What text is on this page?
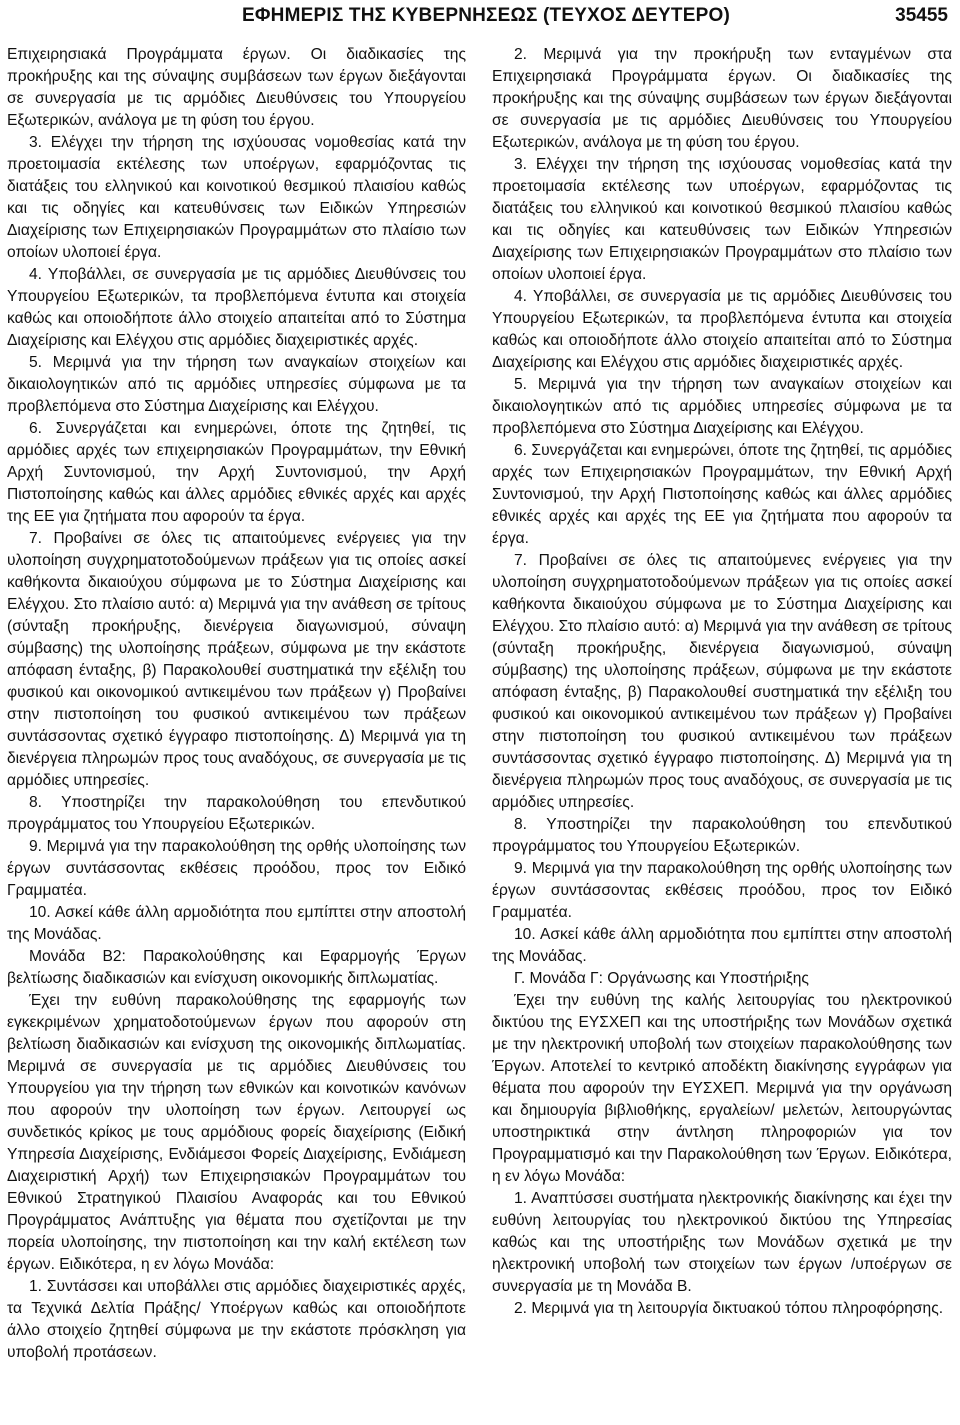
ΕΦΗΜΕΡΙΣ ΤΗΣ ΚΥΒΕΡΝΗΣΕΩΣ (ΤΕΥΧΟΣ ΔΕΥΤΕΡΟ)	35455

Επιχειρησιακά Προγράμματα έργων. Οι διαδικασίες της προκήρυξης και της σύναψης συμβάσεων των έργων διεξάγονται σε συνεργασία με τις αρμόδιες Διευθύνσεις του Υπουργείου Εξωτερικών, ανάλογα με τη φύση του έργου.

3. Ελέγχει την τήρηση της ισχύουσας νομοθεσίας κατά την προετοιμασία εκτέλεσης των υποέργων, εφαρμόζοντας τις διατάξεις του ελληνικού και κοινοτικού θεσμικού πλαισίου καθώς και τις οδηγίες και κατευθύνσεις των Ειδικών Υπηρεσιών Διαχείρισης των Επιχειρησιακών Προγραμμάτων στο πλαίσιο των οποίων υλοποιεί έργα.

4. Υποβάλλει, σε συνεργασία με τις αρμόδιες Διευθύνσεις του Υπουργείου Εξωτερικών, τα προβλεπόμενα έντυπα και στοιχεία καθώς και οποιοδήποτε άλλο στοιχείο απαιτείται από το Σύστημα Διαχείρισης και Ελέγχου στις αρμόδιες διαχειριστικές αρχές.

5. Μεριμνά για την τήρηση των αναγκαίων στοιχείων και δικαιολογητικών από τις αρμόδιες υπηρεσίες σύμφωνα με τα προβλεπόμενα στο Σύστημα Διαχείρισης και Ελέγχου.

6. Συνεργάζεται και ενημερώνει, όποτε της ζητηθεί, τις αρμόδιες αρχές των επιχειρησιακών Προγραμμάτων, την Εθνική Αρχή Συντονισμού, την Αρχή Συντονισμού, την Αρχή Πιστοποίησης καθώς και άλλες αρμόδιες εθνικές αρχές και αρχές της ΕΕ για ζητήματα που αφορούν τα έργα.

7. Προβαίνει σε όλες τις απαιτούμενες ενέργειες για την υλοποίηση συγχρηματοτοδούμενων πράξεων για τις οποίες ασκεί καθήκοντα δικαιούχου σύμφωνα με το Σύστημα Διαχείρισης και Ελέγχου. Στο πλαίσιο αυτό: α) Μεριμνά για την ανάθεση σε τρίτους (σύνταξη προκήρυξης, διενέργεια διαγωνισμού, σύναψη σύμβασης) της υλοποίησης πράξεων, σύμφωνα με την εκάστοτε απόφαση ένταξης, β) Παρακολουθεί συστηματικά την εξέλιξη του φυσικού και οικονομικού αντικειμένου των πράξεων γ) Προβαίνει στην πιστοποίηση του φυσικού αντικειμένου των πράξεων συντάσσοντας σχετικό έγγραφο πιστοποίησης. Δ) Μεριμνά για τη διενέργεια πληρωμών προς τους αναδόχους, σε συνεργασία με τις αρμόδιες υπηρεσίες.

8. Υποστηρίζει την παρακολούθηση του επενδυτικού προγράμματος του Υπουργείου Εξωτερικών.

9. Μεριμνά για την παρακολούθηση της ορθής υλοποίησης των έργων συντάσσοντας εκθέσεις προόδου, προς τον Ειδικό Γραμματέα.

10. Ασκεί κάθε άλλη αρμοδιότητα που εμπίπτει στην αποστολή της Μονάδας.

Μονάδα Β2: Παρακολούθησης και Εφαρμογής Έργων βελτίωσης διαδικασιών και ενίσχυση οικονομικής διπλωματίας.

Έχει την ευθύνη παρακολούθησης της εφαρμογής των εγκεκριμένων χρηματοδοτούμενων έργων που αφορούν στη βελτίωση διαδικασιών και ενίσχυση της οικονομικής διπλωματίας. Μεριμνά σε συνεργασία με τις αρμόδιες Διευθύνσεις του Υπουργείου για την τήρηση των εθνικών και κοινοτικών κανόνων που αφορούν την υλοποίηση των έργων. Λειτουργεί ως συνδετικός κρίκος με τους αρμόδιους φορείς διαχείρισης (Ειδική Υπηρεσία Διαχείρισης, Ενδιάμεσοι Φορείς Διαχείρισης, Ενδιάμεση Διαχειριστική Αρχή) των Επιχειρησιακών Προγραμμάτων του Εθνικού Στρατηγικού Πλαισίου Αναφοράς και του Εθνικού Προγράμματος Ανάπτυξης για θέματα που σχετίζονται με την πορεία υλοποίησης, την πιστοποίηση και την καλή εκτέλεση των έργων. Ειδικότερα, η εν λόγω Μονάδα:

1. Συντάσσει και υποβάλλει στις αρμόδιες διαχειριστικές αρχές, τα Τεχνικά Δελτία Πράξης/ Υποέργων καθώς και οποιοδήποτε άλλο στοιχείο ζητηθεί σύμφωνα με την εκάστοτε πρόσκληση για υποβολή προτάσεων.

2. Μεριμνά για την προκήρυξη των ενταγμένων στα Επιχειρησιακά Προγράμματα έργων. Οι διαδικασίες της προκήρυξης και της σύναψης συμβάσεων των έργων διεξάγονται σε συνεργασία με τις αρμόδιες Διευθύνσεις του Υπουργείου Εξωτερικών, ανάλογα με τη φύση του έργου.

3. Ελέγχει την τήρηση της ισχύουσας νομοθεσίας κατά την προετοιμασία εκτέλεσης των υποέργων, εφαρμόζοντας τις διατάξεις του ελληνικού και κοινοτικού θεσμικού πλαισίου καθώς και τις οδηγίες και κατευθύνσεις των Ειδικών Υπηρεσιών Διαχείρισης των Επιχειρησιακών Προγραμμάτων στο πλαίσιο των οποίων υλοποιεί έργα.

4. Υποβάλλει, σε συνεργασία με τις αρμόδιες Διευθύνσεις του Υπουργείου Εξωτερικών, τα προβλεπόμενα έντυπα και στοιχεία καθώς και οποιοδήποτε άλλο στοιχείο απαιτείται από το Σύστημα Διαχείρισης και Ελέγχου στις αρμόδιες διαχειριστικές αρχές.

5. Μεριμνά για την τήρηση των αναγκαίων στοιχείων και δικαιολογητικών από τις αρμόδιες υπηρεσίες σύμφωνα με τα προβλεπόμενα στο Σύστημα Διαχείρισης και Ελέγχου.

6. Συνεργάζεται και ενημερώνει, όποτε της ζητηθεί, τις αρμόδιες αρχές των Επιχειρησιακών Προγραμμάτων, την Εθνική Αρχή Συντονισμού, την Αρχή Πιστοποίησης καθώς και άλλες αρμόδιες εθνικές αρχές και αρχές της ΕΕ για ζητήματα που αφορούν τα έργα.

7. Προβαίνει σε όλες τις απαιτούμενες ενέργειες για την υλοποίηση συγχρηματοτοδούμενων πράξεων για τις οποίες ασκεί καθήκοντα δικαιούχου σύμφωνα με το Σύστημα Διαχείρισης και Ελέγχου. Στο πλαίσιο αυτό: α) Μεριμνά για την ανάθεση σε τρίτους (σύνταξη προκήρυξης, διενέργεια διαγωνισμού, σύναψη σύμβασης) της υλοποίησης πράξεων, σύμφωνα με την εκάστοτε απόφαση ένταξης, β) Παρακολουθεί συστηματικά την εξέλιξη του φυσικού και οικονομικού αντικειμένου των πράξεων γ) Προβαίνει στην πιστοποίηση του φυσικού αντικειμένου των πράξεων συντάσσοντας σχετικό έγγραφο πιστοποίησης. Δ) Μεριμνά για τη διενέργεια πληρωμών προς τους αναδόχους, σε συνεργασία με τις αρμόδιες υπηρεσίες.

8. Υποστηρίζει την παρακολούθηση του επενδυτικού προγράμματος του Υπουργείου Εξωτερικών.

9. Μεριμνά για την παρακολούθηση της ορθής υλοποίησης των έργων συντάσσοντας εκθέσεις προόδου, προς τον Ειδικό Γραμματέα.

10. Ασκεί κάθε άλλη αρμοδιότητα που εμπίπτει στην αποστολή της Μονάδας.

Γ. Μονάδα Γ: Οργάνωσης και Υποστήριξης

Έχει την ευθύνη της καλής λειτουργίας του ηλεκτρονικού δικτύου της ΕΥΣΧΕΠ και της υποστήριξης των Μονάδων σχετικά με την ηλεκτρονική υποβολή των στοιχείων παρακολούθησης των Έργων. Αποτελεί το κεντρικό αποδέκτη διακίνησης εγγράφων για θέματα που αφορούν την ΕΥΣΧΕΠ. Μεριμνά για την οργάνωση και δημιουργία βιβλιοθήκης, εργαλείων/ μελετών, λειτουργώντας υποστηρικτικά στην άντληση πληροφοριών για τον Προγραμματισμό και την Παρακολούθηση των Έργων. Ειδικότερα, η εν λόγω Μονάδα:

1. Αναπτύσσει συστήματα ηλεκτρονικής διακίνησης και έχει την ευθύνη λειτουργίας του ηλεκτρονικού δικτύου της Υπηρεσίας καθώς και της υποστήριξης των Μονάδων σχετικά με την ηλεκτρονική υποβολή των στοιχείων των έργων /υποέργων σε συνεργασία με τη Μονάδα Β.

2. Μεριμνά για τη λειτουργία δικτυακού τόπου πληροφόρησης.
